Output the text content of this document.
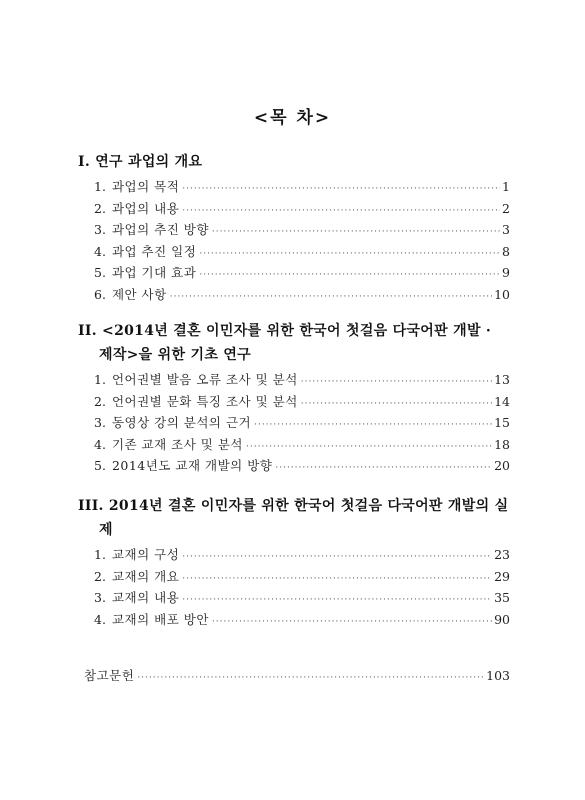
<목 차>
I. 연구 과업의 개요
1. 과업의 목적 ·····	1
2. 과업의 내용 ·····	2
3. 과업의 추진 방향 ·····	3
4. 과업 추진 일정 ·····	8
5. 과업 기대 효과 ·····	9
6. 제안 사항 ·····	10
II. <2014년 결혼 이민자를 위한 한국어 첫걸음 다국어판 개발 ·
제작>을 위한 기초 연구
1. 언어권별 발음 오류 조사 및 분석 ·····	13
2. 언어권별 문화 특징 조사 및 분석 ·····	14
3. 동영상 강의 분석의 근거 ·····	15
4. 기존 교재 조사 및 분석 ·····	18
5. 2014년도 교재 개발의 방향 ·····	20
III. 2014년 결혼 이민자를 위한 한국어 첫걸음 다국어판 개발의 실
제
1. 교재의 구성 ·····	23
2. 교재의 개요 ·····	29
3. 교재의 내용 ·····	35
4. 교재의 배포 방안 ·····	90
참고문헌 ·····	103
